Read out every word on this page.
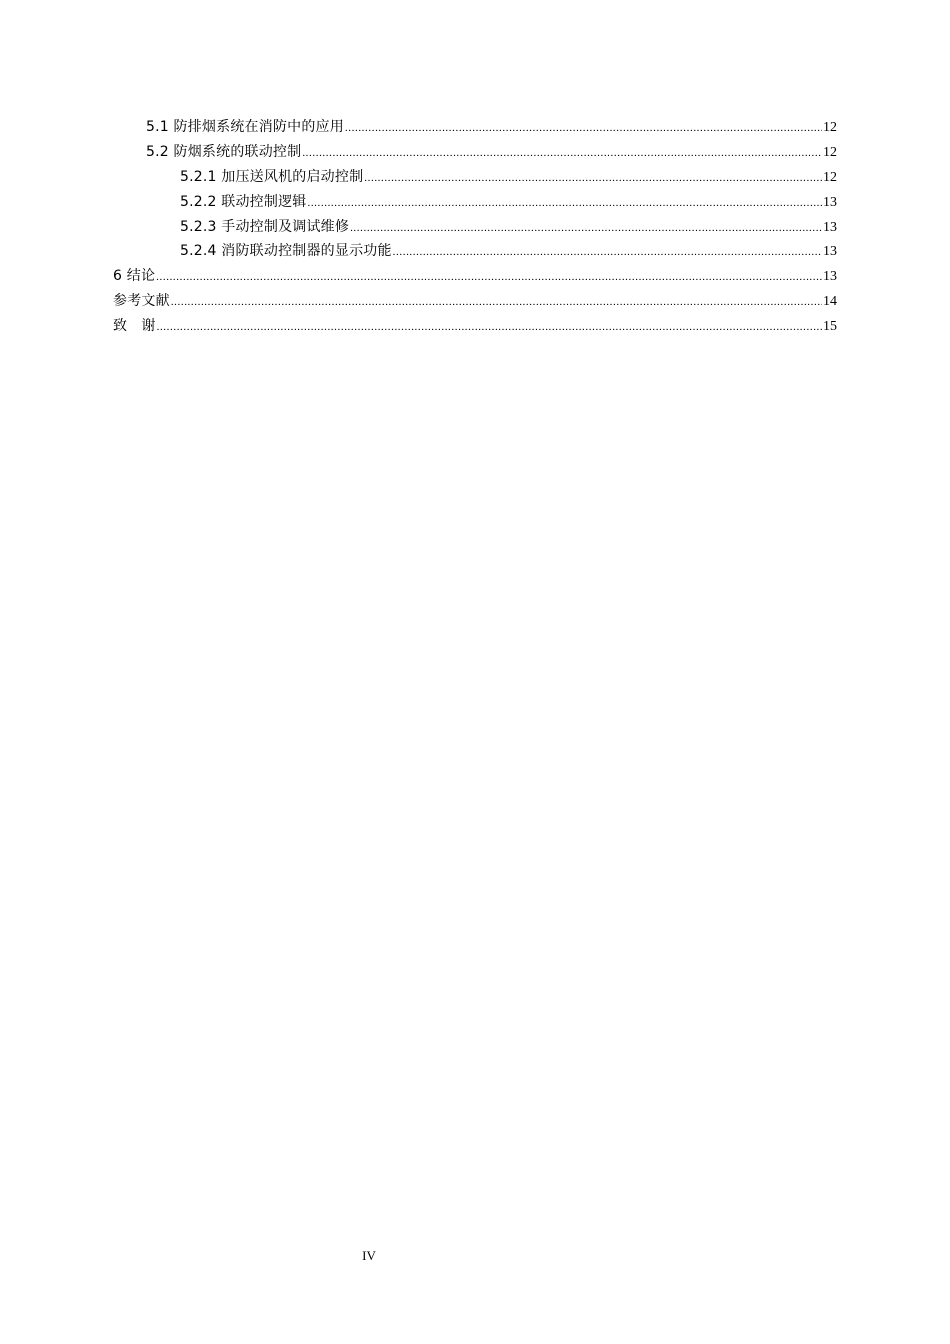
5.1 防排烟系统在消防中的应用 .....	12
5.2 防烟系统的联动控制 .....	12
5.2.1 加压送风机的启动控制 .....	12
5.2.2 联动控制逻辑 .....	13
5.2.3 手动控制及调试维修 .....	13
5.2.4 消防联动控制器的显示功能 .....	13
6 结论 .....	13
参考文献 .....	14
致　谢 .....	15
IV
